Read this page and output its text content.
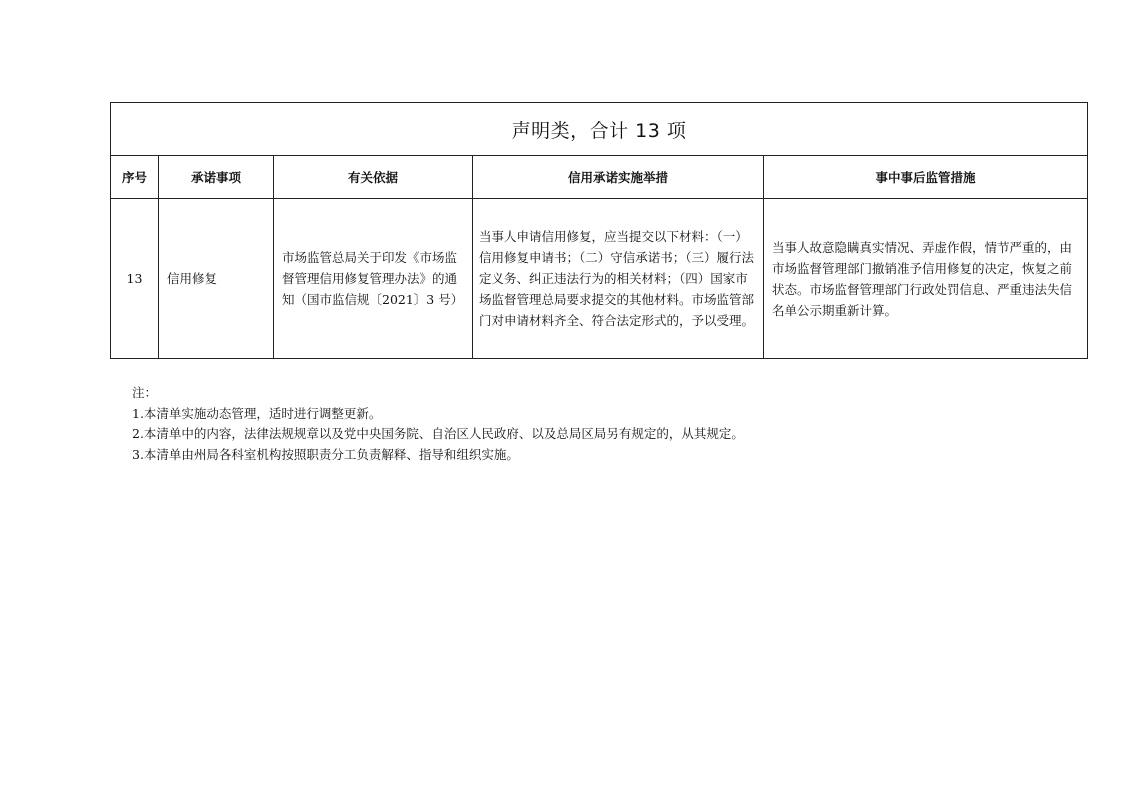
声明类，合计 13 项				
序号	承诺事项	有关依据	信用承诺实施举措	事中事后监管措施
13	信用修复	市场监管总局关于印发《市场监督管理信用修复管理办法》的通知（国市监信规〔2021〕3 号）	当事人申请信用修复，应当提交以下材料：（一）信用修复申请书；（二）守信承诺书；（三）履行法定义务、纠正违法行为的相关材料；（四）国家市场监督管理总局要求提交的其他材料。市场监管部门对申请材料齐全、符合法定形式的，予以受理。	当事人故意隐瞒真实情况、弄虚作假，情节严重的，由市场监督管理部门撤销准予信用修复的决定，恢复之前状态。市场监督管理部门行政处罚信息、严重违法失信名单公示期重新计算。
注：
1.本清单实施动态管理，适时进行调整更新。
2.本清单中的内容，法律法规规章以及党中央国务院、自治区人民政府、以及总局区局另有规定的，从其规定。
3.本清单由州局各科室机构按照职责分工负责解释、指导和组织实施。
